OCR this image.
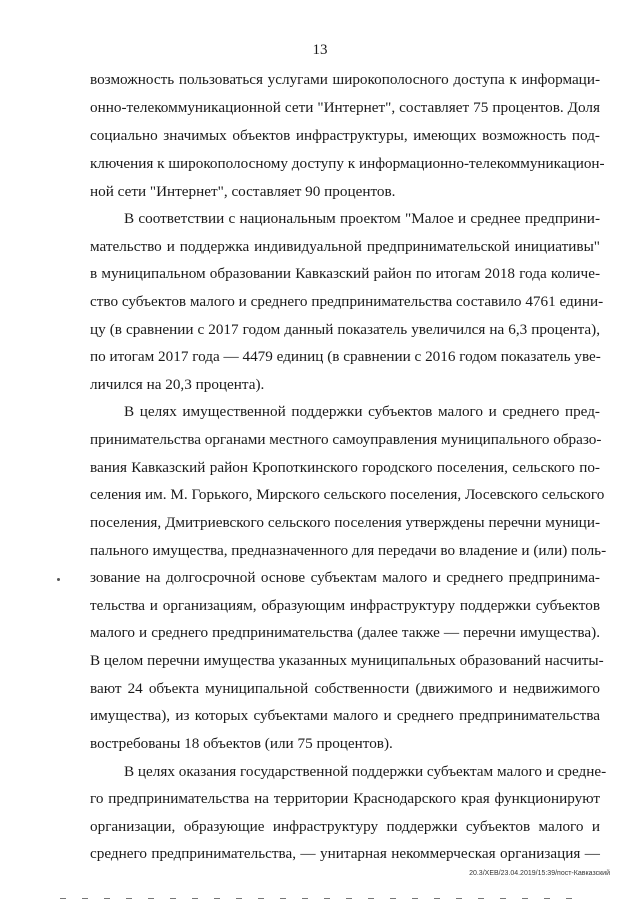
13
возможность пользоваться услугами широкополосного доступа к информаци-
онно-телекоммуникационной сети "Интернет", составляет 75 процентов. Доля
социально значимых объектов инфраструктуры, имеющих возможность под-
ключения к широкополосному доступу к информационно-телекоммуникацион-
ной сети "Интернет", составляет 90 процентов.
В соответствии с национальным проектом "Малое и среднее предприни-
мательство и поддержка индивидуальной предпринимательской инициативы"
в муниципальном образовании Кавказский район по итогам 2018 года количе-
ство субъектов малого и среднего предпринимательства составило 4761 едини-
цу (в сравнении с 2017 годом данный показатель увеличился на 6,3 процента),
по итогам 2017 года — 4479 единиц (в сравнении с 2016 годом показатель уве-
личился на 20,3 процента).
В целях имущественной поддержки субъектов малого и среднего пред-
принимательства органами местного самоуправления муниципального образо-
вания Кавказский район Кропоткинского городского поселения, сельского по-
селения им. М. Горького, Мирского сельского поселения, Лосевского сельского
поселения, Дмитриевского сельского поселения утверждены перечни муници-
пального имущества, предназначенного для передачи во владение и (или) поль-
зование на долгосрочной основе субъектам малого и среднего предпринима-
тельства и организациям, образующим инфраструктуру поддержки субъектов
малого и среднего предпринимательства (далее также — перечни имущества).
В целом перечни имущества указанных муниципальных образований насчиты-
вают 24 объекта муниципальной собственности (движимого и недвижимого
имущества), из которых субъектами малого и среднего предпринимательства
востребованы 18 объектов (или 75 процентов).
В целях оказания государственной поддержки субъектам малого и средне-
го предпринимательства на территории Краснодарского края функционируют
организации, образующие инфраструктуру поддержки субъектов малого и
среднего предпринимательства, — унитарная некоммерческая организация —
20.3/ХЕВ/23.04.2019/15:39/пост-Кавказский
